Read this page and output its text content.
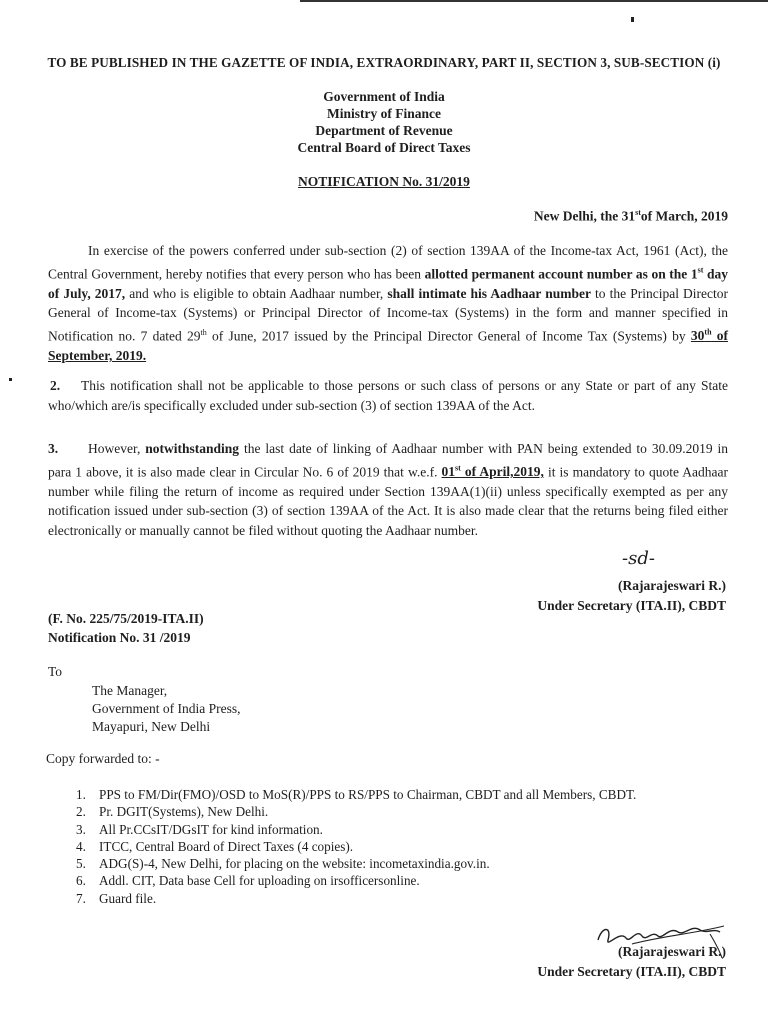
TO BE PUBLISHED IN THE GAZETTE OF INDIA, EXTRAORDINARY, PART II, SECTION 3, SUB-SECTION (i)
Government of India
Ministry of Finance
Department of Revenue
Central Board of Direct Taxes
NOTIFICATION No. 31/2019
New Delhi, the 31stof March, 2019
In exercise of the powers conferred under sub-section (2) of section 139AA of the Income-tax Act, 1961 (Act), the Central Government, hereby notifies that every person who has been allotted permanent account number as on the 1st day of July, 2017, and who is eligible to obtain Aadhaar number, shall intimate his Aadhaar number to the Principal Director General of Income-tax (Systems) or Principal Director of Income-tax (Systems) in the form and manner specified in Notification no. 7 dated 29th of June, 2017 issued by the Principal Director General of Income Tax (Systems) by 30th of September, 2019.
2. This notification shall not be applicable to those persons or such class of persons or any State or part of any State who/which are/is specifically excluded under sub-section (3) of section 139AA of the Act.
3. However, notwithstanding the last date of linking of Aadhaar number with PAN being extended to 30.09.2019 in para 1 above, it is also made clear in Circular No. 6 of 2019 that w.e.f. 01st of April,2019, it is mandatory to quote Aadhaar number while filing the return of income as required under Section 139AA(1)(ii) unless specifically exempted as per any notification issued under sub-section (3) of section 139AA of the Act. It is also made clear that the returns being filed either electronically or manually cannot be filed without quoting the Aadhaar number.
-sd-
(Rajarajeswari R.)
Under Secretary (ITA.II), CBDT
(F. No. 225/75/2019-ITA.II)
Notification No. 31 /2019
To
The Manager,
Government of India Press,
Mayapuri, New Delhi
Copy forwarded to: -
1. PPS to FM/Dir(FMO)/OSD to MoS(R)/PPS to RS/PPS to Chairman, CBDT and all Members, CBDT.
2. Pr. DGIT(Systems), New Delhi.
3. All Pr.CCsIT/DGsIT for kind information.
4. ITCC, Central Board of Direct Taxes (4 copies).
5. ADG(S)-4, New Delhi, for placing on the website: incometaxindia.gov.in.
6. Addl. CIT, Data base Cell for uploading on irsofficersonline.
7. Guard file.
(Rajarajeswari R.)
Under Secretary (ITA.II), CBDT
